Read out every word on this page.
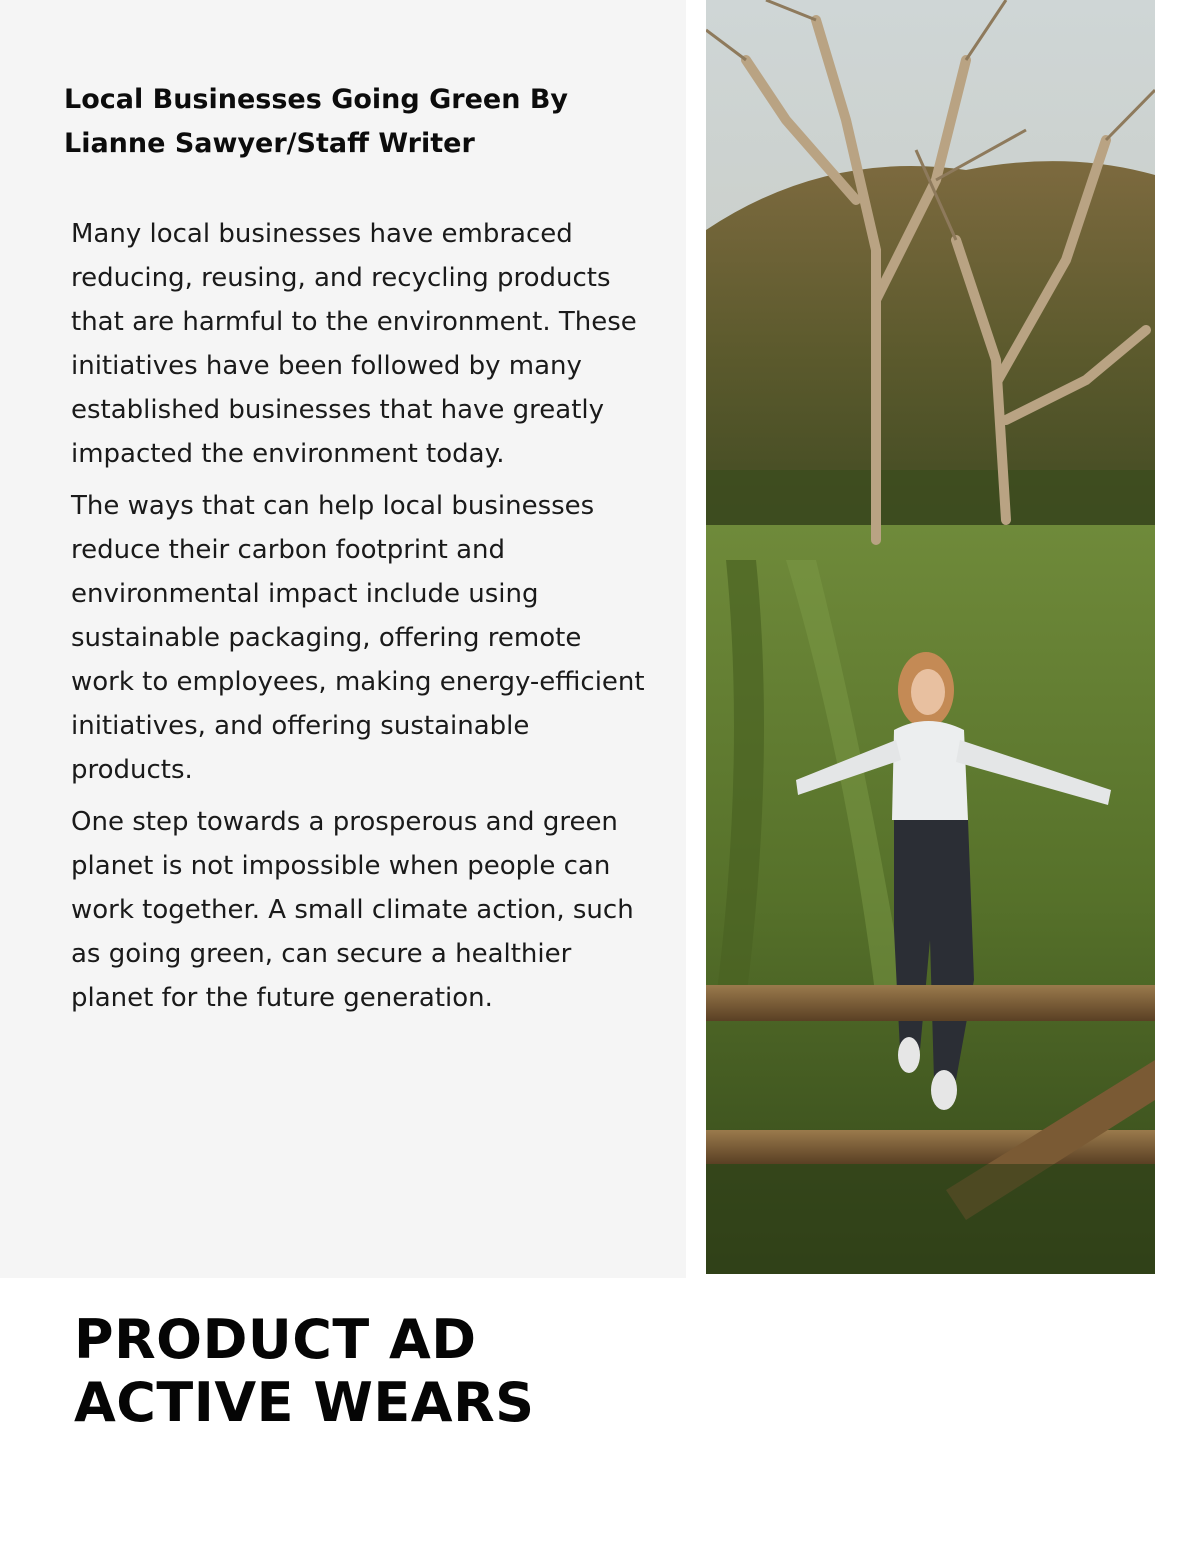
Local Businesses Going Green By
Lianne Sawyer/Staff Writer

Many local businesses have embraced reducing, reusing, and recycling products that are harmful to the environment. These initiatives have been followed by many established businesses that have greatly impacted the environment today.

The ways that can help local businesses reduce their carbon footprint and environmental impact include using sustainable packaging, offering remote work to employees, making energy-efficient initiatives, and offering sustainable products.

One step towards a prosperous and green planet is not impossible when people can work together. A small climate action, such as going green, can secure a healthier planet for the future generation.

PRODUCT AD
ACTIVE WEARS
